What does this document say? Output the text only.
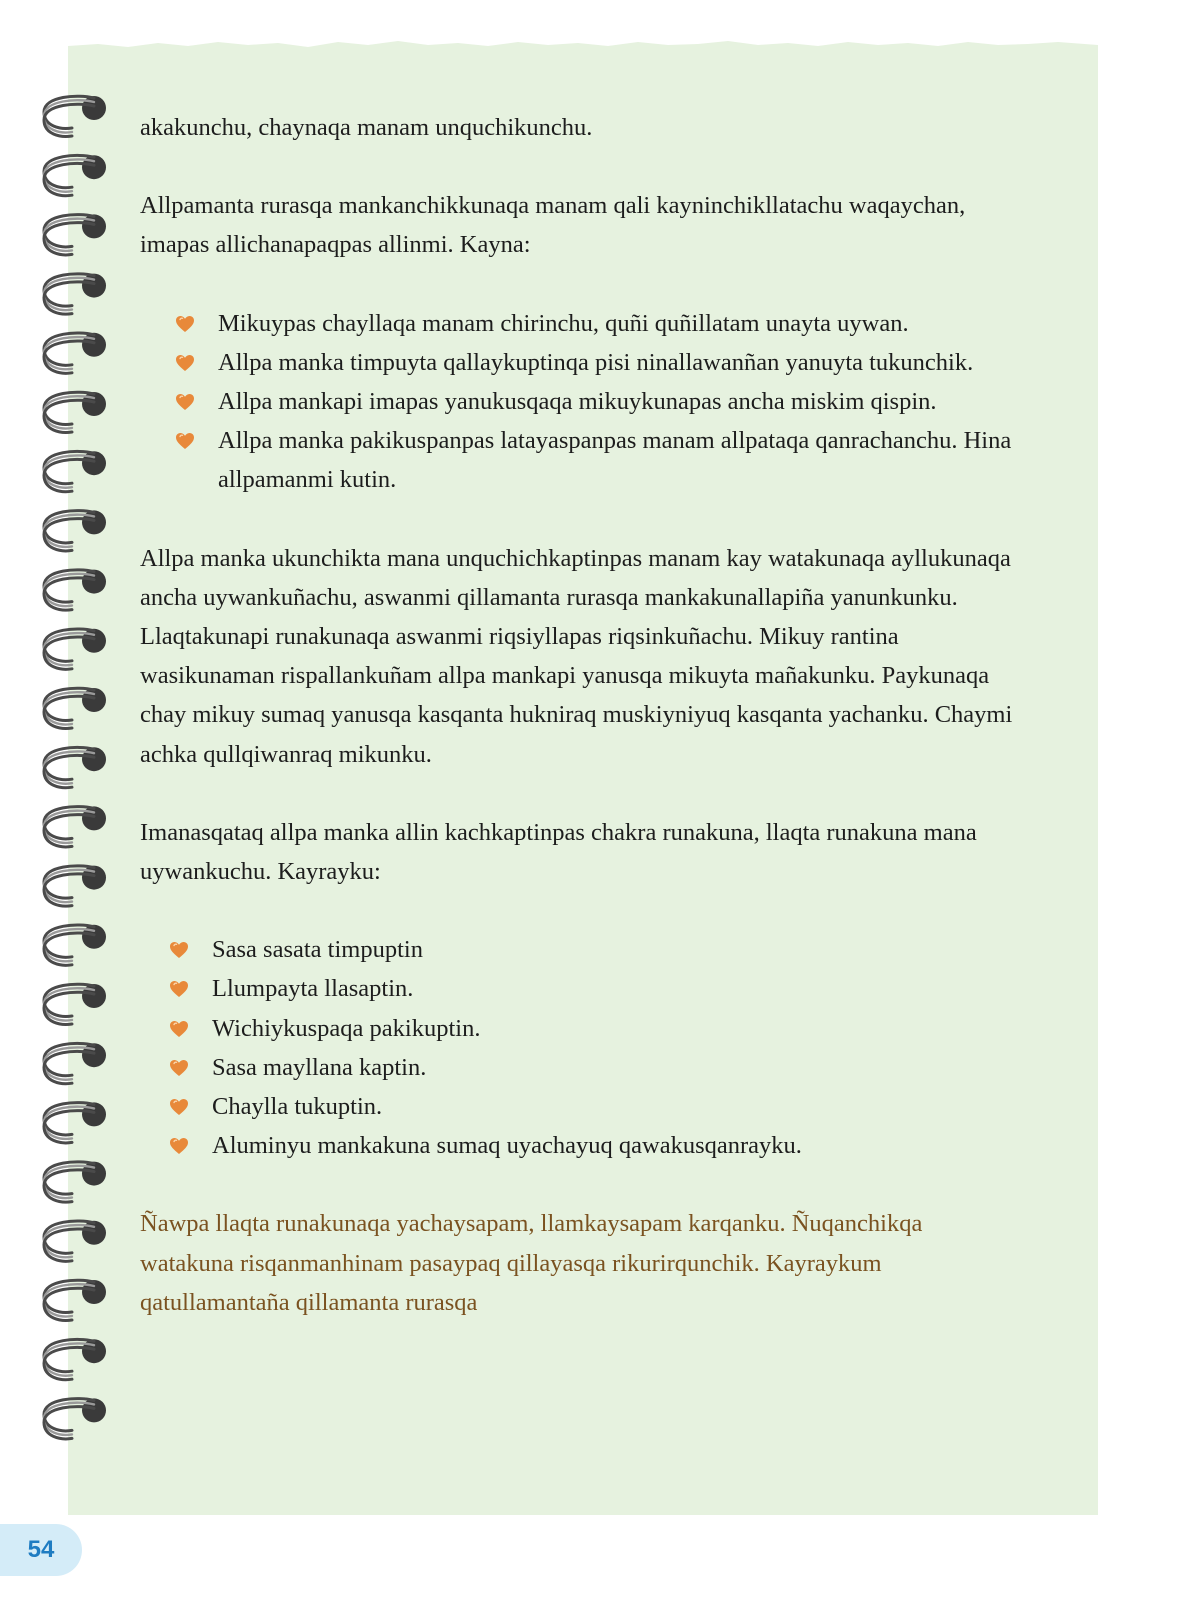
akakunchu, chaynaqa manam unquchikunchu.

Allpamanta rurasqa mankanchikkunaqa manam qali kayninchikllatachu waqaychan, imapas allichanapaqpas allinmi. Kayna:

Mikuypas chayllaqa manam chirinchu, quñi quñillatam unayta uywan.
Allpa manka timpuyta qallaykuptinqa pisi ninallawanñan yanuyta tukunchik.
Allpa mankapi imapas yanukusqaqa mikuykunapas ancha miskim qispin.
Allpa manka pakikuspanpas latayaspanpas manam allpataqa qanrachanchu. Hina allpamanmi kutin.

Allpa manka ukunchikta mana unquchichkaptinpas manam kay watakunaqa ayllukunaqa ancha uywankuñachu, aswanmi qillamanta rurasqa mankakunallapiña yanunkunku. Llaqtakunapi runakunaqa aswanmi riqsiyllapas riqsinkuñachu. Mikuy rantina wasikunaman rispallankuñam allpa mankapi yanusqa mikuyta mañakunku. Paykunaqa chay mikuy sumaq yanusqa kasqanta hukniraq muskiyniyuq kasqanta yachanku. Chaymi achka qullqiwanraq mikunku.

Imanasqataq allpa manka allin kachkaptinpas chakra runakuna, llaqta runakuna mana uywankuchu. Kayrayku:

Sasa sasata timpuptin
Llumpayta llasaptin.
Wichiykuspaqa pakikuptin.
Sasa mayllana kaptin.
Chaylla tukuptin.
Aluminyu mankakuna sumaq uyachayuq qawakusqanrayku.

Ñawpa llaqta runakunaqa yachaysapam, llamkaysapam karqanku. Ñuqanchikqa watakuna risqanmanhinam pasaypaq qillayasqa rikurirqunchik. Kayraykum qatullamantaña qillamanta rurasqa

54
